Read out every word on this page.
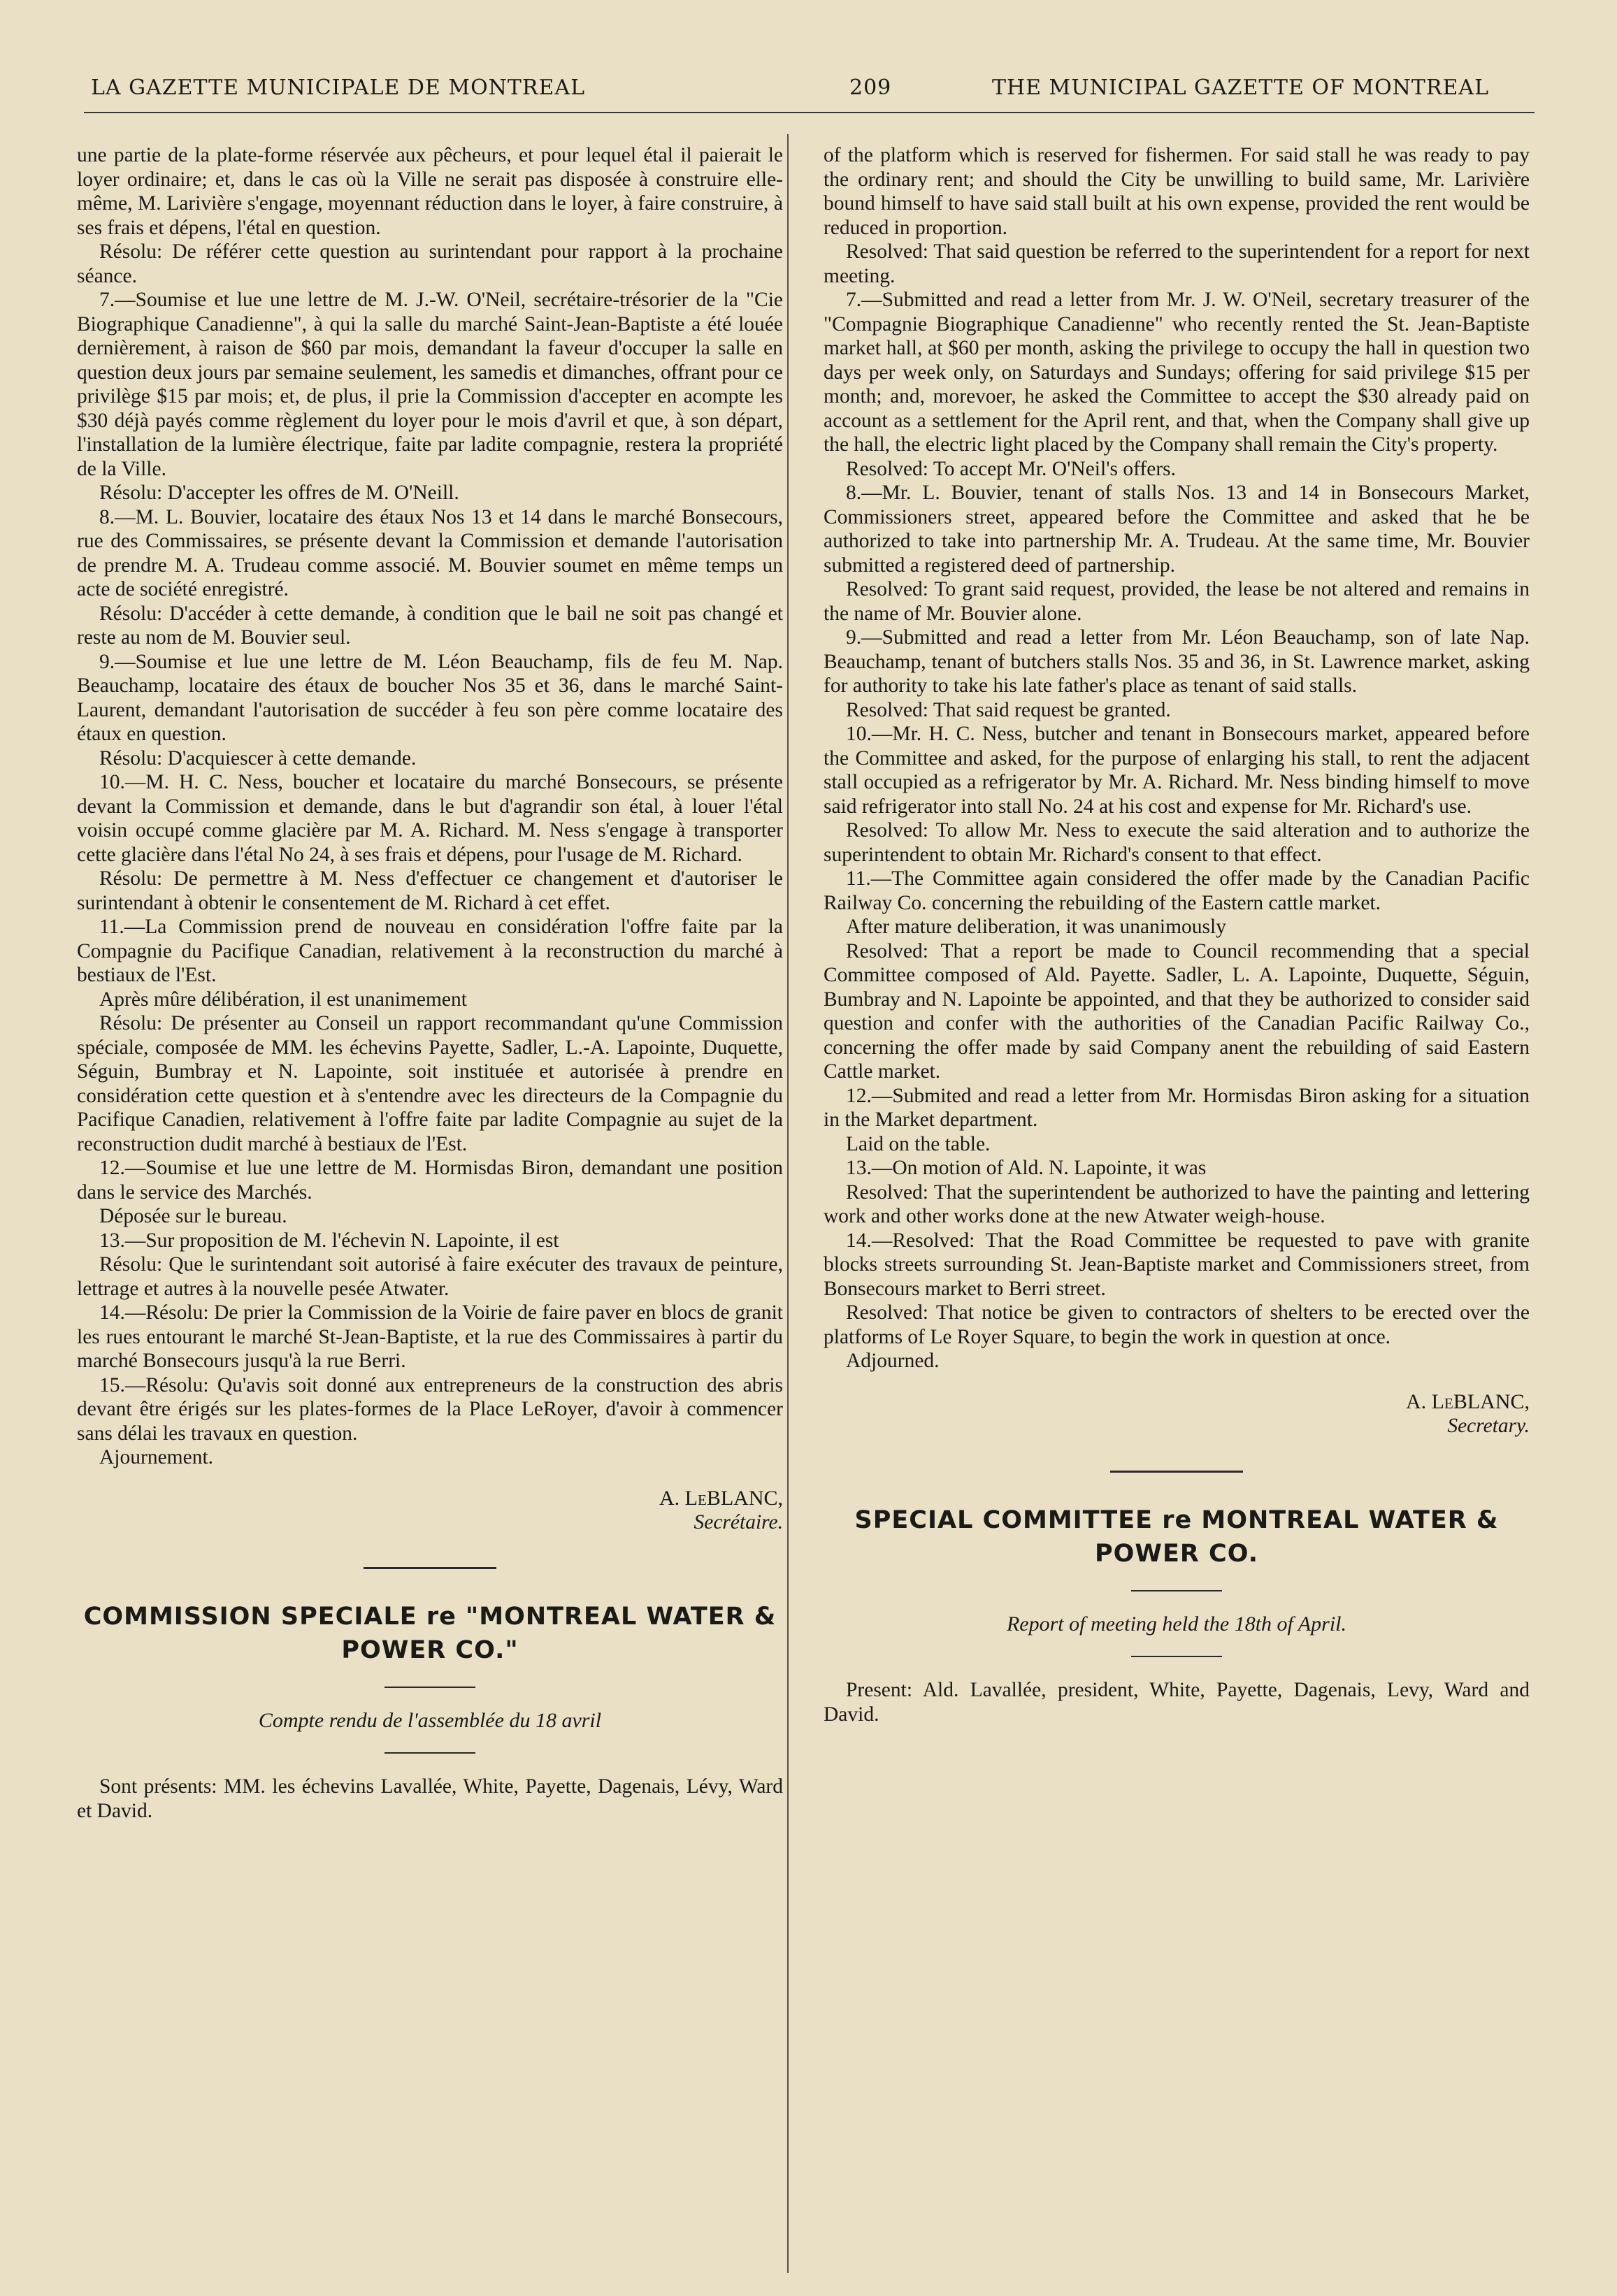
LA GAZETTE MUNICIPALE DE MONTREAL	209	THE MUNICIPAL GAZETTE OF MONTREAL

une partie de la plate-forme réservée aux pêcheurs, et pour lequel étal il paierait le loyer ordinaire; et, dans le cas où la Ville ne serait pas disposée à construire elle-même, M. Larivière s'engage, moyennant réduction dans le loyer, à faire construire, à ses frais et dépens, l'étal en question.

Résolu: De référer cette question au surintendant pour rapport à la prochaine séance.

7.—Soumise et lue une lettre de M. J.-W. O'Neil, secrétaire-trésorier de la "Cie Biographique Canadienne", à qui la salle du marché Saint-Jean-Baptiste a été louée dernièrement, à raison de $60 par mois, demandant la faveur d'occuper la salle en question deux jours par semaine seulement, les samedis et dimanches, offrant pour ce privilège $15 par mois; et, de plus, il prie la Commission d'accepter en acompte les $30 déjà payés comme règlement du loyer pour le mois d'avril et que, à son départ, l'installation de la lumière électrique, faite par ladite compagnie, restera la propriété de la Ville.

Résolu: D'accepter les offres de M. O'Neill.

8.—M. L. Bouvier, locataire des étaux Nos 13 et 14 dans le marché Bonsecours, rue des Commissaires, se présente devant la Commission et demande l'autorisation de prendre M. A. Trudeau comme associé. M. Bouvier soumet en même temps un acte de société enregistré.

Résolu: D'accéder à cette demande, à condition que le bail ne soit pas changé et reste au nom de M. Bouvier seul.

9.—Soumise et lue une lettre de M. Léon Beauchamp, fils de feu M. Nap. Beauchamp, locataire des étaux de boucher Nos 35 et 36, dans le marché Saint-Laurent, demandant l'autorisation de succéder à feu son père comme locataire des étaux en question.

Résolu: D'acquiescer à cette demande.

10.—M. H. C. Ness, boucher et locataire du marché Bonsecours, se présente devant la Commission et demande, dans le but d'agrandir son étal, à louer l'étal voisin occupé comme glacière par M. A. Richard. M. Ness s'engage à transporter cette glacière dans l'étal No 24, à ses frais et dépens, pour l'usage de M. Richard.

Résolu: De permettre à M. Ness d'effectuer ce changement et d'autoriser le surintendant à obtenir le consentement de M. Richard à cet effet.

11.—La Commission prend de nouveau en considération l'offre faite par la Compagnie du Pacifique Canadian, relativement à la reconstruction du marché à bestiaux de l'Est.

Après mûre délibération, il est unanimement

Résolu: De présenter au Conseil un rapport recommandant qu'une Commission spéciale, composée de MM. les échevins Payette, Sadler, L.-A. Lapointe, Duquette, Séguin, Bumbray et N. Lapointe, soit instituée et autorisée à prendre en considération cette question et à s'entendre avec les directeurs de la Compagnie du Pacifique Canadien, relativement à l'offre faite par ladite Compagnie au sujet de la reconstruction dudit marché à bestiaux de l'Est.

12.—Soumise et lue une lettre de M. Hormisdas Biron, demandant une position dans le service des Marchés.

Déposée sur le bureau.

13.—Sur proposition de M. l'échevin N. Lapointe, il est

Résolu: Que le surintendant soit autorisé à faire exécuter des travaux de peinture, lettrage et autres à la nouvelle pesée Atwater.

14.—Résolu: De prier la Commission de la Voirie de faire paver en blocs de granit les rues entourant le marché St-Jean-Baptiste, et la rue des Commissaires à partir du marché Bonsecours jusqu'à la rue Berri.

15.—Résolu: Qu'avis soit donné aux entrepreneurs de la construction des abris devant être érigés sur les plates-formes de la Place LeRoyer, d'avoir à commencer sans délai les travaux en question.

Ajournement.

A. LeBLANC,
Secrétaire.
COMMISSION SPECIALE re "MONTREAL WATER & POWER CO."
Compte rendu de l'assemblée du 18 avril

Sont présents: MM. les échevins Lavallée, White, Payette, Dagenais, Lévy, Ward et David.

of the platform which is reserved for fishermen. For said stall he was ready to pay the ordinary rent; and should the City be unwilling to build same, Mr. Larivière bound himself to have said stall built at his own expense, provided the rent would be reduced in proportion.

Resolved: That said question be referred to the superintendent for a report for next meeting.

7.—Submitted and read a letter from Mr. J. W. O'Neil, secretary treasurer of the "Compagnie Biographique Canadienne" who recently rented the St. Jean-Baptiste market hall, at $60 per month, asking the privilege to occupy the hall in question two days per week only, on Saturdays and Sundays; offering for said privilege $15 per month; and, morevoer, he asked the Committee to accept the $30 already paid on account as a settlement for the April rent, and that, when the Company shall give up the hall, the electric light placed by the Company shall remain the City's property.

Resolved: To accept Mr. O'Neil's offers.

8.—Mr. L. Bouvier, tenant of stalls Nos. 13 and 14 in Bonsecours Market, Commissioners street, appeared before the Committee and asked that he be authorized to take into partnership Mr. A. Trudeau. At the same time, Mr. Bouvier submitted a registered deed of partnership.

Resolved: To grant said request, provided, the lease be not altered and remains in the name of Mr. Bouvier alone.

9.—Submitted and read a letter from Mr. Léon Beauchamp, son of late Nap. Beauchamp, tenant of butchers stalls Nos. 35 and 36, in St. Lawrence market, asking for authority to take his late father's place as tenant of said stalls.

Resolved: That said request be granted.

10.—Mr. H. C. Ness, butcher and tenant in Bonsecours market, appeared before the Committee and asked, for the purpose of enlarging his stall, to rent the adjacent stall occupied as a refrigerator by Mr. A. Richard. Mr. Ness binding himself to move said refrigerator into stall No. 24 at his cost and expense for Mr. Richard's use.

Resolved: To allow Mr. Ness to execute the said alteration and to authorize the superintendent to obtain Mr. Richard's consent to that effect.

11.—The Committee again considered the offer made by the Canadian Pacific Railway Co. concerning the rebuilding of the Eastern cattle market.

After mature deliberation, it was unanimously

Resolved: That a report be made to Council recommending that a special Committee composed of Ald. Payette. Sadler, L. A. Lapointe, Duquette, Séguin, Bumbray and N. Lapointe be appointed, and that they be authorized to consider said question and confer with the authorities of the Canadian Pacific Railway Co., concerning the offer made by said Company anent the rebuilding of said Eastern Cattle market.

12.—Submited and read a letter from Mr. Hormisdas Biron asking for a situation in the Market department.

Laid on the table.

13.—On motion of Ald. N. Lapointe, it was

Resolved: That the superintendent be authorized to have the painting and lettering work and other works done at the new Atwater weigh-house.

14.—Resolved: That the Road Committee be requested to pave with granite blocks streets surrounding St. Jean-Baptiste market and Commissioners street, from Bonsecours market to Berri street.

Resolved: That notice be given to contractors of shelters to be erected over the platforms of Le Royer Square, to begin the work in question at once.

Adjourned.

A. LeBLANC,
Secretary.
SPECIAL COMMITTEE re MONTREAL WATER & POWER CO.
Report of meeting held the 18th of April.

Present: Ald. Lavallée, president, White, Payette, Dagenais, Levy, Ward and David.
